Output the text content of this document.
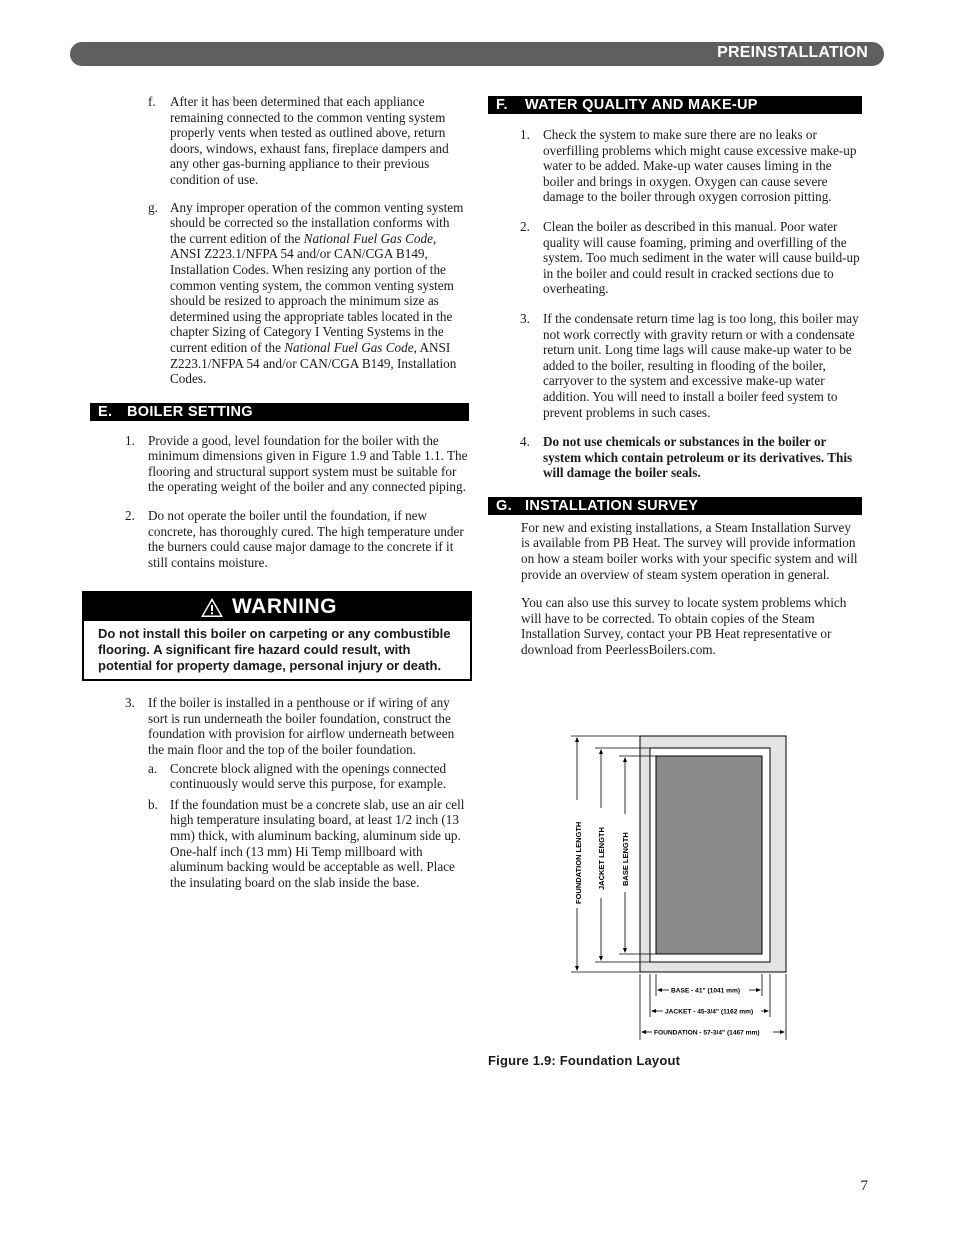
PREINSTALLATION
f. After it has been determined that each appliance remaining connected to the common venting system properly vents when tested as outlined above, return doors, windows, exhaust fans, fireplace dampers and any other gas-burning appliance to their previous condition of use.
g. Any improper operation of the common venting system should be corrected so the installation conforms with the current edition of the National Fuel Gas Code, ANSI Z223.1/NFPA 54 and/or CAN/CGA B149, Installation Codes. When resizing any portion of the common venting system, the common venting system should be resized to approach the minimum size as determined using the appropriate tables located in the chapter Sizing of Category I Venting Systems in the current edition of the National Fuel Gas Code, ANSI Z223.1/NFPA 54 and/or CAN/CGA B149, Installation Codes.
E. BOILER SETTING
1. Provide a good, level foundation for the boiler with the minimum dimensions given in Figure 1.9 and Table 1.1. The flooring and structural support system must be suitable for the operating weight of the boiler and any connected piping.
2. Do not operate the boiler until the foundation, if new concrete, has thoroughly cured. The high temperature under the burners could cause major damage to the concrete if it still contains moisture.
WARNING
Do not install this boiler on carpeting or any combustible flooring. A significant fire hazard could result, with potential for property damage, personal injury or death.
3. If the boiler is installed in a penthouse or if wiring of any sort is run underneath the boiler foundation, construct the foundation with provision for airflow underneath between the main floor and the top of the boiler foundation.
a. Concrete block aligned with the openings connected continuously would serve this purpose, for example.
b. If the foundation must be a concrete slab, use an air cell high temperature insulating board, at least 1/2 inch (13 mm) thick, with aluminum backing, aluminum side up. One-half inch (13 mm) Hi Temp millboard with aluminum backing would be acceptable as well. Place the insulating board on the slab inside the base.
F. WATER QUALITY AND MAKE-UP
1. Check the system to make sure there are no leaks or overfilling problems which might cause excessive make-up water to be added. Make-up water causes liming in the boiler and brings in oxygen. Oxygen can cause severe damage to the boiler through oxygen corrosion pitting.
2. Clean the boiler as described in this manual. Poor water quality will cause foaming, priming and overfilling of the system. Too much sediment in the water will cause build-up in the boiler and could result in cracked sections due to overheating.
3. If the condensate return time lag is too long, this boiler may not work correctly with gravity return or with a condensate return unit. Long time lags will cause make-up water to be added to the boiler, resulting in flooding of the boiler, carryover to the system and excessive make-up water addition. You will need to install a boiler feed system to prevent problems in such cases.
4. Do not use chemicals or substances in the boiler or system which contain petroleum or its derivatives. This will damage the boiler seals.
G. INSTALLATION SURVEY
For new and existing installations, a Steam Installation Survey is available from PB Heat. The survey will provide information on how a steam boiler works with your specific system and will provide an overview of steam system operation in general.
You can also use this survey to locate system problems which will have to be corrected. To obtain copies of the Steam Installation Survey, contact your PB Heat representative or download from PeerlessBoilers.com.
FOUNDATION LENGTH JACKET LENGTH BASE LENGTH
BASE - 41" (1041 mm)
JACKET - 45-3/4" (1162 mm)
FOUNDATION - 57-3/4" (1467 mm)
Figure 1.9: Foundation Layout
7
